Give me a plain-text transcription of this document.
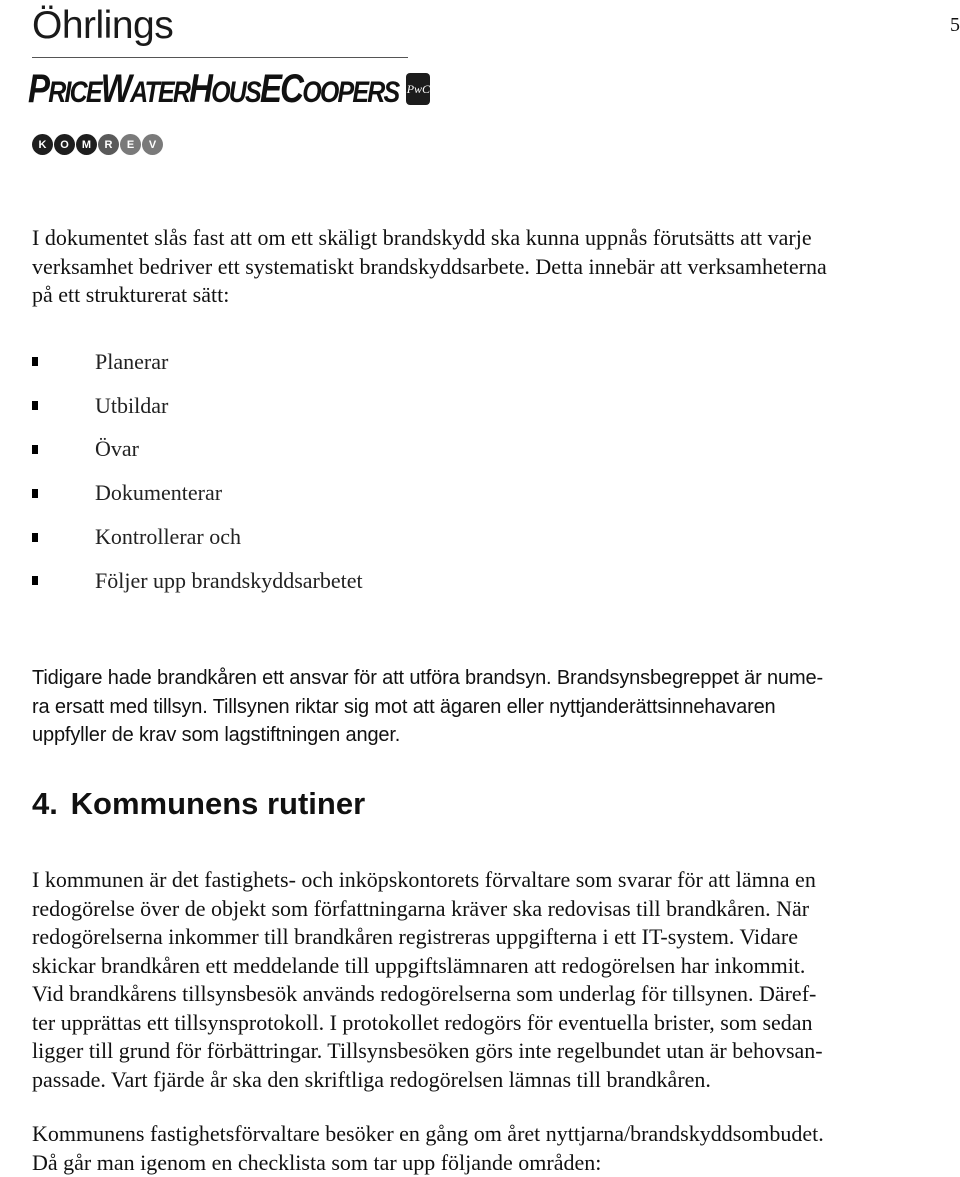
5
Öhrlings
PRICEWATERHOUSECOOPERS PwC
K	O	M	R	E	V
I dokumentet slås fast att om ett skäligt brandskydd ska kunna uppnås förutsätts att varje
verksamhet bedriver ett systematiskt brandskyddsarbete. Detta innebär att verksamheterna
på ett strukturerat sätt:
Planerar
Utbildar
Övar
Dokumenterar
Kontrollerar och
Följer upp brandskyddsarbetet
Tidigare hade brandkåren ett ansvar för att utföra brandsyn. Brandsynsbegreppet är nume-
ra ersatt med tillsyn. Tillsynen riktar sig mot att ägaren eller nyttjanderättsinnehavaren
uppfyller de krav som lagstiftningen anger.
4. Kommunens rutiner
I kommunen är det fastighets- och inköpskontorets förvaltare som svarar för att lämna en
redogörelse över de objekt som författningarna kräver ska redovisas till brandkåren. När
redogörelserna inkommer till brandkåren registreras uppgifterna i ett IT-system. Vidare
skickar brandkåren ett meddelande till uppgiftslämnaren att redogörelsen har inkommit.
Vid brandkårens tillsynsbesök används redogörelserna som underlag för tillsynen. Däref-
ter upprättas ett tillsynsprotokoll. I protokollet redogörs för eventuella brister, som sedan
ligger till grund för förbättringar. Tillsynsbesöken görs inte regelbundet utan är behovsan-
passade. Vart fjärde år ska den skriftliga redogörelsen lämnas till brandkåren.
Kommunens fastighetsförvaltare besöker en gång om året nyttjarna/brandskyddsombudet.
Då går man igenom en checklista som tar upp följande områden:
